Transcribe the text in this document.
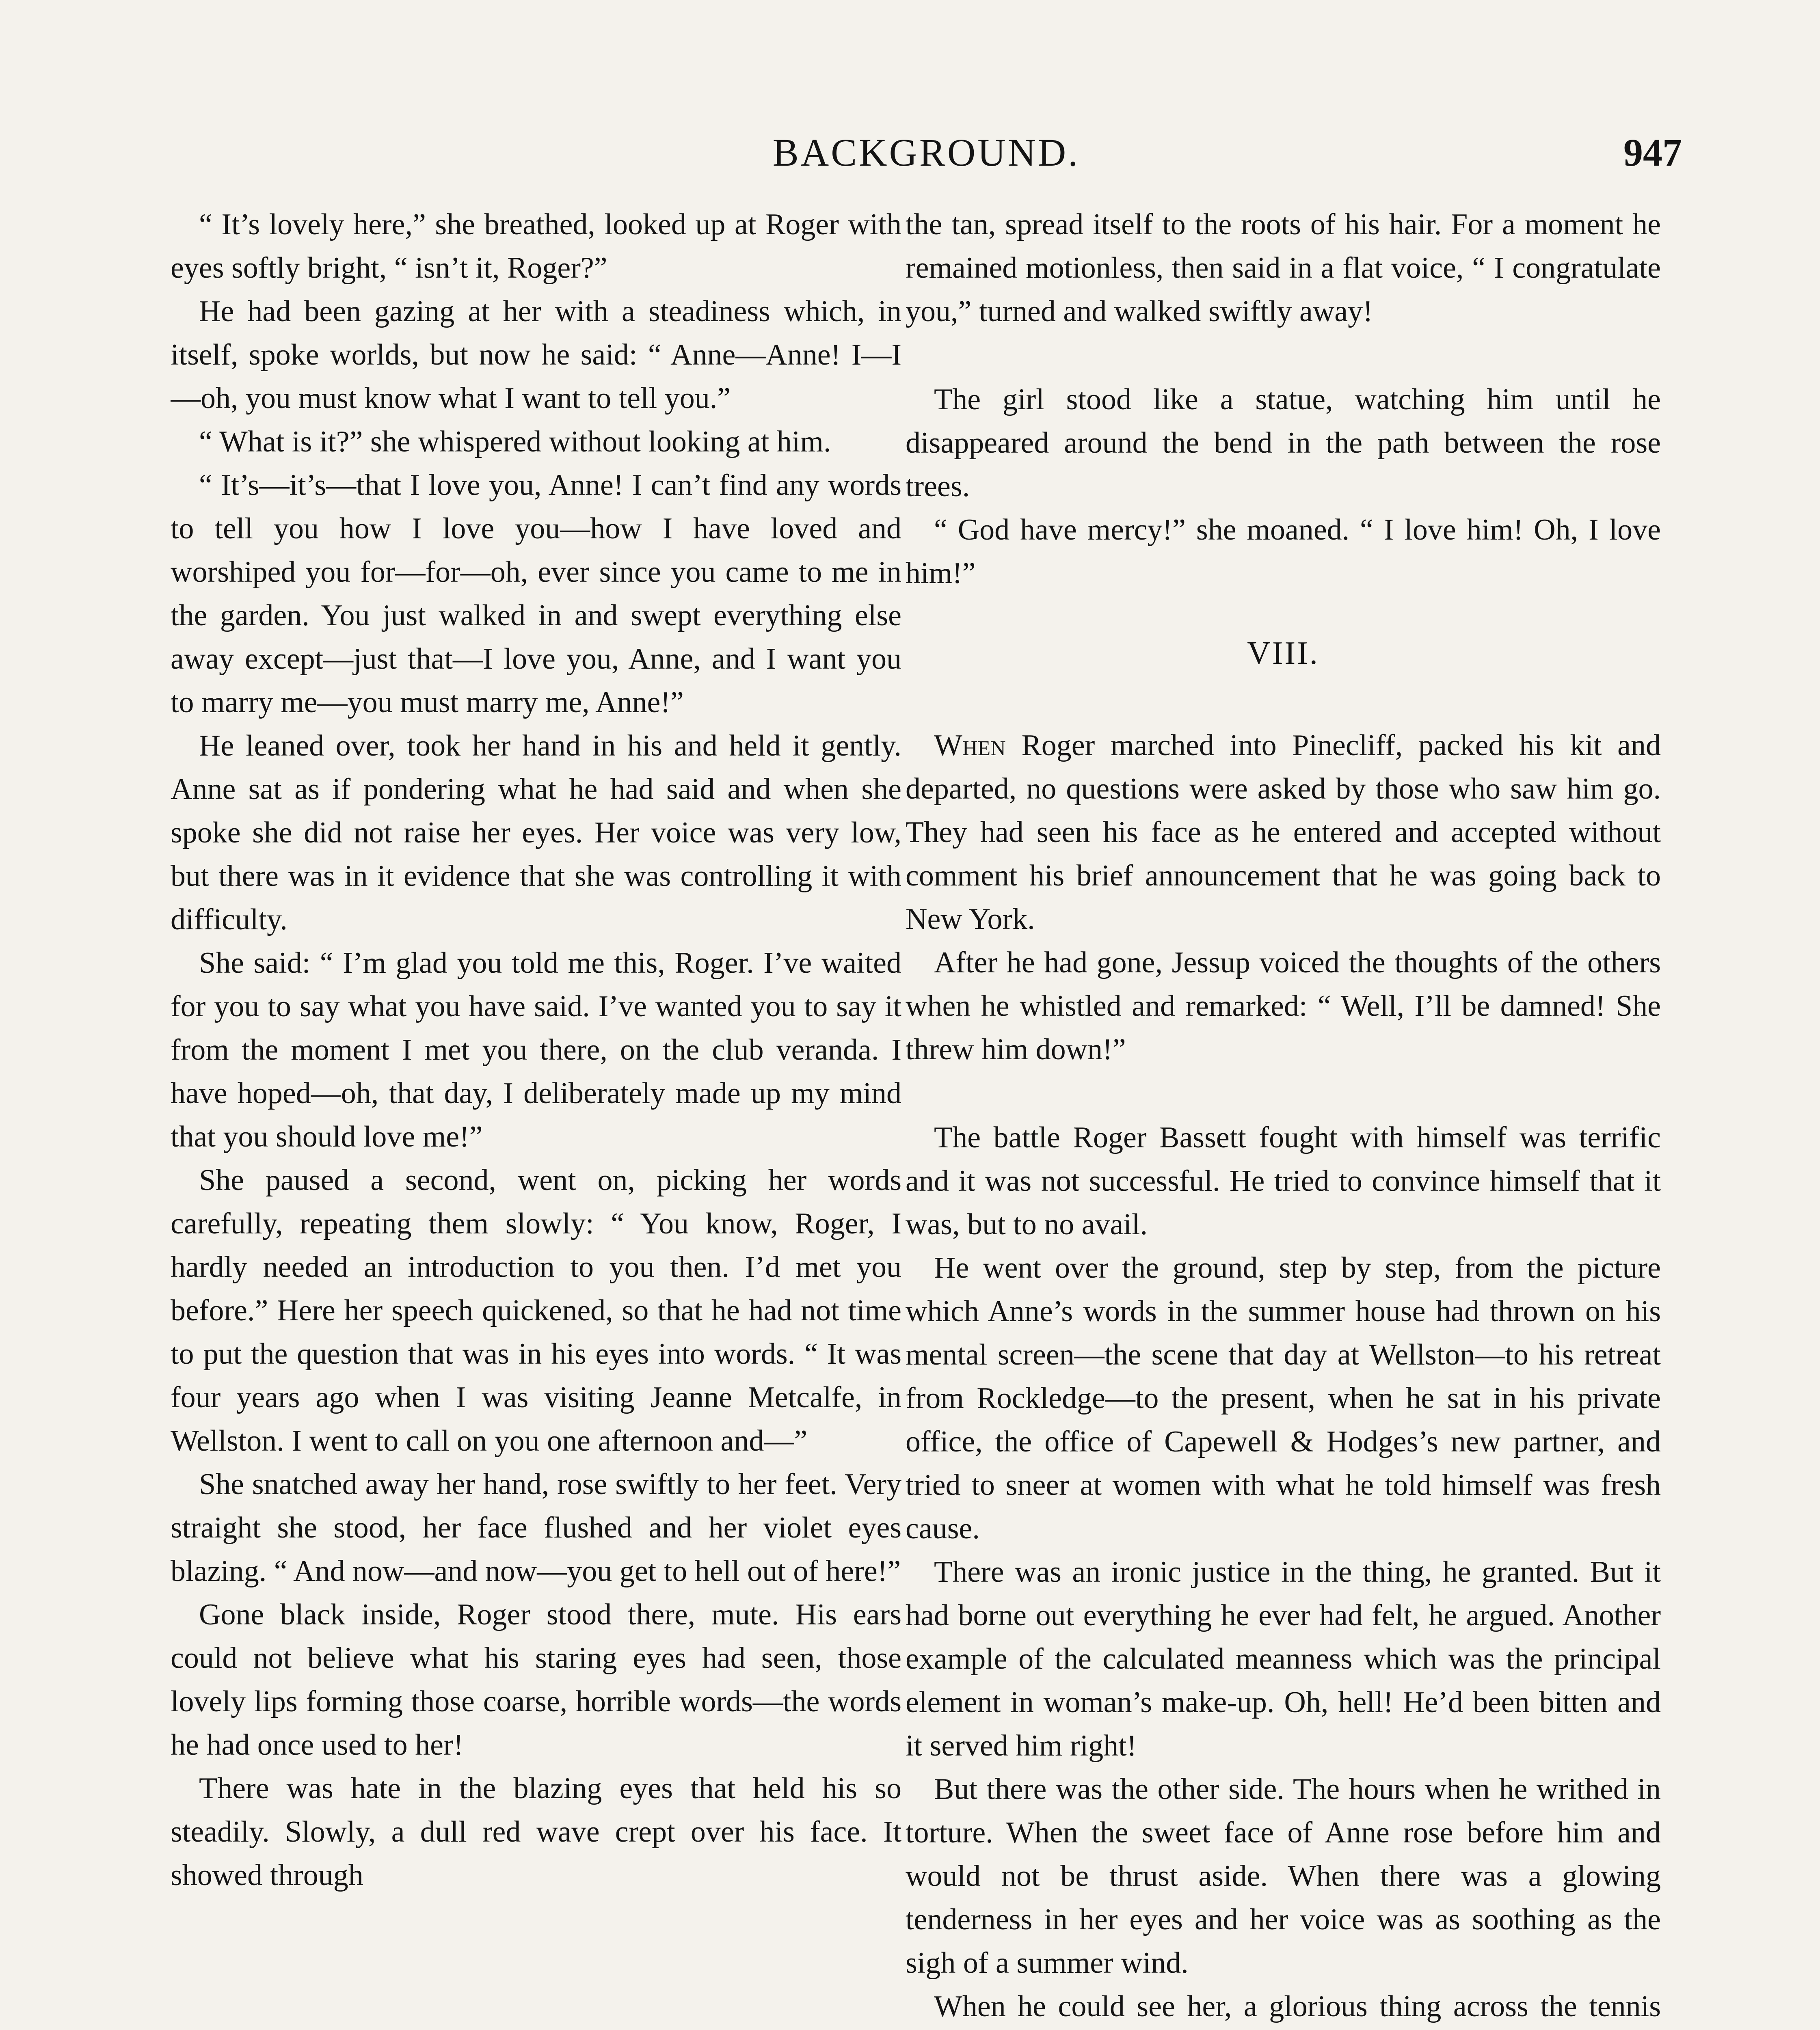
BACKGROUND.	947

“ It’s lovely here,” she breathed, looked up at Roger with eyes softly bright, “ isn’t it, Roger?”

He had been gazing at her with a steadiness which, in itself, spoke worlds, but now he said: “ Anne—Anne! I—I—oh, you must know what I want to tell you.”

“ What is it?” she whispered without looking at him.

“ It’s—it’s—that I love you, Anne! I can’t find any words to tell you how I love you—how I have loved and worshiped you for—for—oh, ever since you came to me in the garden. You just walked in and swept everything else away except—just that—I love you, Anne, and I want you to marry me—you must marry me, Anne!”

He leaned over, took her hand in his and held it gently. Anne sat as if pondering what he had said and when she spoke she did not raise her eyes. Her voice was very low, but there was in it evidence that she was controlling it with difficulty.

She said: “ I’m glad you told me this, Roger. I’ve waited for you to say what you have said. I’ve wanted you to say it from the moment I met you there, on the club veranda. I have hoped—oh, that day, I deliberately made up my mind that you should love me!”

She paused a second, went on, picking her words carefully, repeating them slowly: “ You know, Roger, I hardly needed an introduction to you then. I’d met you before.” Here her speech quickened, so that he had not time to put the question that was in his eyes into words. “ It was four years ago when I was visiting Jeanne Metcalfe, in Wellston. I went to call on you one afternoon and—”

She snatched away her hand, rose swiftly to her feet. Very straight she stood, her face flushed and her violet eyes blazing. “ And now—and now—you get to hell out of here!”

Gone black inside, Roger stood there, mute. His ears could not believe what his staring eyes had seen, those lovely lips forming those coarse, horrible words—the words he had once used to her!

There was hate in the blazing eyes that held his so steadily. Slowly, a dull red wave crept over his face. It showed through

the tan, spread itself to the roots of his hair. For a moment he remained motionless, then said in a flat voice, “ I congratulate you,” turned and walked swiftly away!

The girl stood like a statue, watching him until he disappeared around the bend in the path between the rose trees.

“ God have mercy!” she moaned. “ I love him! Oh, I love him!”

VIII.

When Roger marched into Pinecliff, packed his kit and departed, no questions were asked by those who saw him go. They had seen his face as he entered and accepted without comment his brief announcement that he was going back to New York.

After he had gone, Jessup voiced the thoughts of the others when he whistled and remarked: “ Well, I’ll be damned! She threw him down!”

The battle Roger Bassett fought with himself was terrific and it was not successful. He tried to convince himself that it was, but to no avail.

He went over the ground, step by step, from the picture which Anne’s words in the summer house had thrown on his mental screen—the scene that day at Wellston—to his retreat from Rockledge—to the present, when he sat in his private office, the office of Capewell & Hodges’s new partner, and tried to sneer at women with what he told himself was fresh cause.

There was an ironic justice in the thing, he granted. But it had borne out everything he ever had felt, he argued. Another example of the calculated meanness which was the principal element in woman’s make-up. Oh, hell! He’d been bitten and it served him right!

But there was the other side. The hours when he writhed in torture. When the sweet face of Anne rose before him and would not be thrust aside. When there was a glowing tenderness in her eyes and her voice was as soothing as the sigh of a summer wind.

When he could see her, a glorious thing across the tennis
